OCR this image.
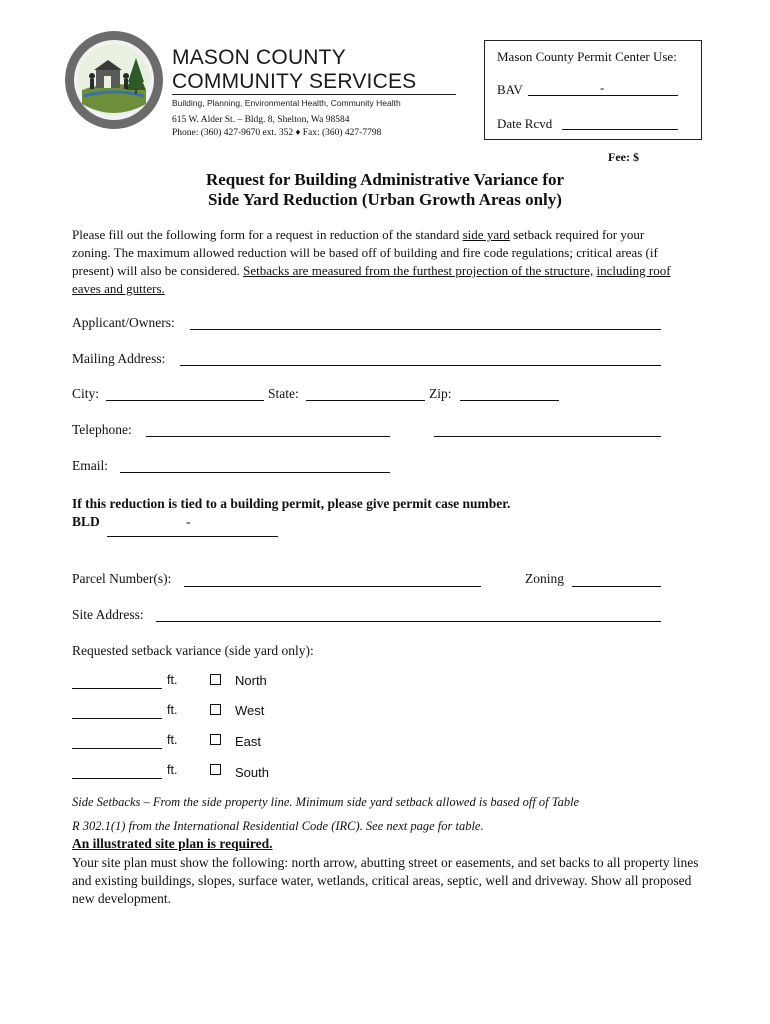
MASON COUNTY
COMMUNITY SERVICES
Building, Planning, Environmental Health, Community Health
615 W. Alder St. – Bldg. 8, Shelton, Wa 98584
Phone: (360) 427-9670 ext. 352 ♦ Fax: (360) 427-7798
Mason County Permit Center Use:
BAV	-
Date Rcvd
Fee: $
Request for Building Administrative Variance for
Side Yard Reduction (Urban Growth Areas only)
Please fill out the following form for a request in reduction of the standard side yard setback required for your zoning. The maximum allowed reduction will be based off of building and fire code regulations; critical areas (if present) will also be considered. Setbacks are measured from the furthest projection of the structure, including roof eaves and gutters.
Applicant/Owners:
Mailing Address:
City:	State:	Zip:
Telephone:
Email:
If this reduction is tied to a building permit, please give permit case number.
BLD	-
Parcel Number(s):	Zoning
Site Address:
Requested setback variance (side yard only):
ft.	North
ft.	West
ft.	East
ft.	South
Side Setbacks – From the side property line. Minimum side yard setback allowed is based off of Table
R 302.1(1) from the International Residential Code (IRC). See next page for table.
An illustrated site plan is required.
Your site plan must show the following: north arrow, abutting street or easements, and set backs to all property lines and existing buildings, slopes, surface water, wetlands, critical areas, septic, well and driveway. Show all proposed new development.
